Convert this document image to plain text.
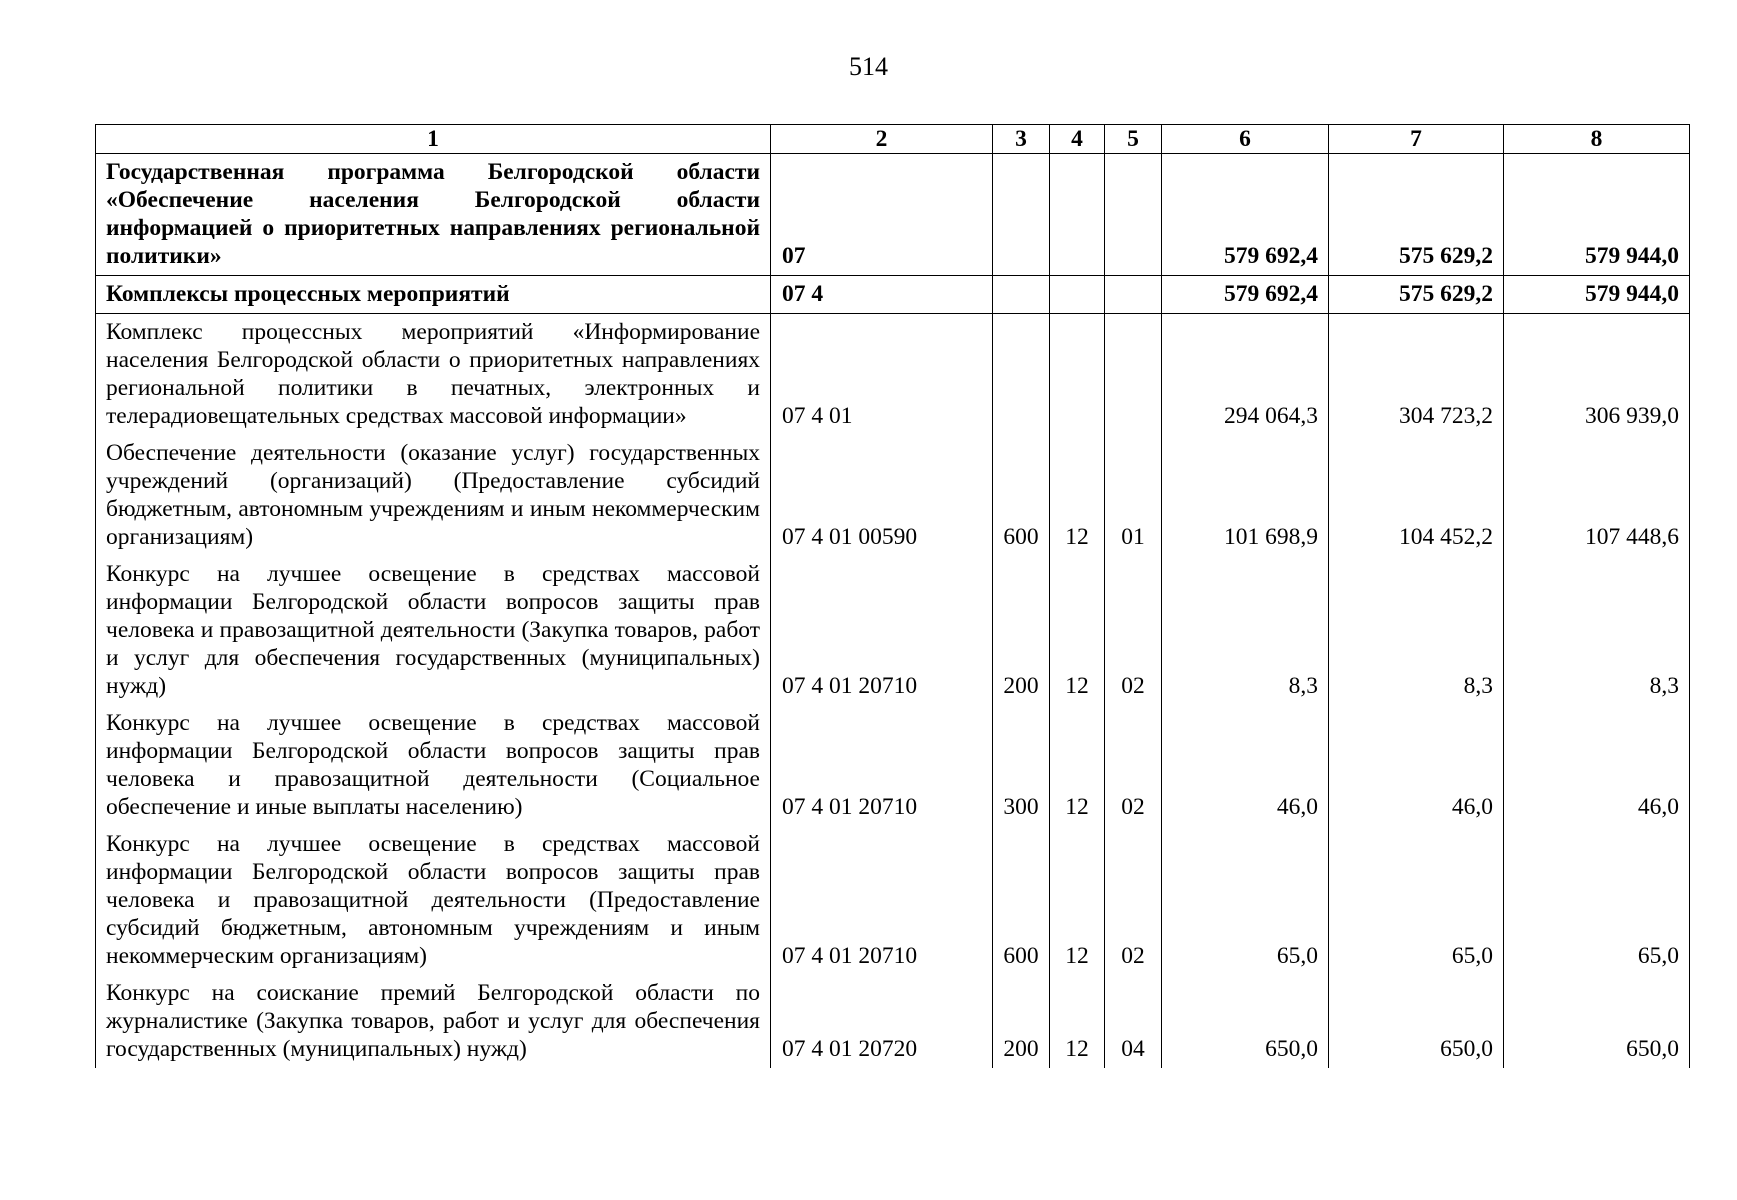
514
1	2	3	4	5	6	7	8
Государственная программа Белгородской области «Обеспечение населения Белгородской области информацией о приоритетных направлениях региональной политики»	07				579 692,4	575 629,2	579 944,0
Комплексы процессных мероприятий	07 4				579 692,4	575 629,2	579 944,0
Комплекс процессных мероприятий «Информирование населения Белгородской области о приоритетных направлениях региональной политики в печатных, электронных и телерадиовещательных средствах массовой информации»	07 4 01				294 064,3	304 723,2	306 939,0
Обеспечение деятельности (оказание услуг) государственных учреждений (организаций) (Предоставление субсидий бюджетным, автономным учреждениям и иным некоммерческим организациям)	07 4 01 00590	600	12	01	101 698,9	104 452,2	107 448,6
Конкурс на лучшее освещение в средствах массовой информации Белгородской области вопросов защиты прав человека и правозащитной деятельности (Закупка товаров, работ и услуг для обеспечения государственных (муниципальных) нужд)	07 4 01 20710	200	12	02	8,3	8,3	8,3
Конкурс на лучшее освещение в средствах массовой информации Белгородской области вопросов защиты прав человека и правозащитной деятельности (Социальное обеспечение и иные выплаты населению)	07 4 01 20710	300	12	02	46,0	46,0	46,0
Конкурс на лучшее освещение в средствах массовой информации Белгородской области вопросов защиты прав человека и правозащитной деятельности (Предоставление субсидий бюджетным, автономным учреждениям и иным некоммерческим организациям)	07 4 01 20710	600	12	02	65,0	65,0	65,0
Конкурс на соискание премий Белгородской области по журналистике (Закупка товаров, работ и услуг для обеспечения государственных (муниципальных) нужд)	07 4 01 20720	200	12	04	650,0	650,0	650,0
